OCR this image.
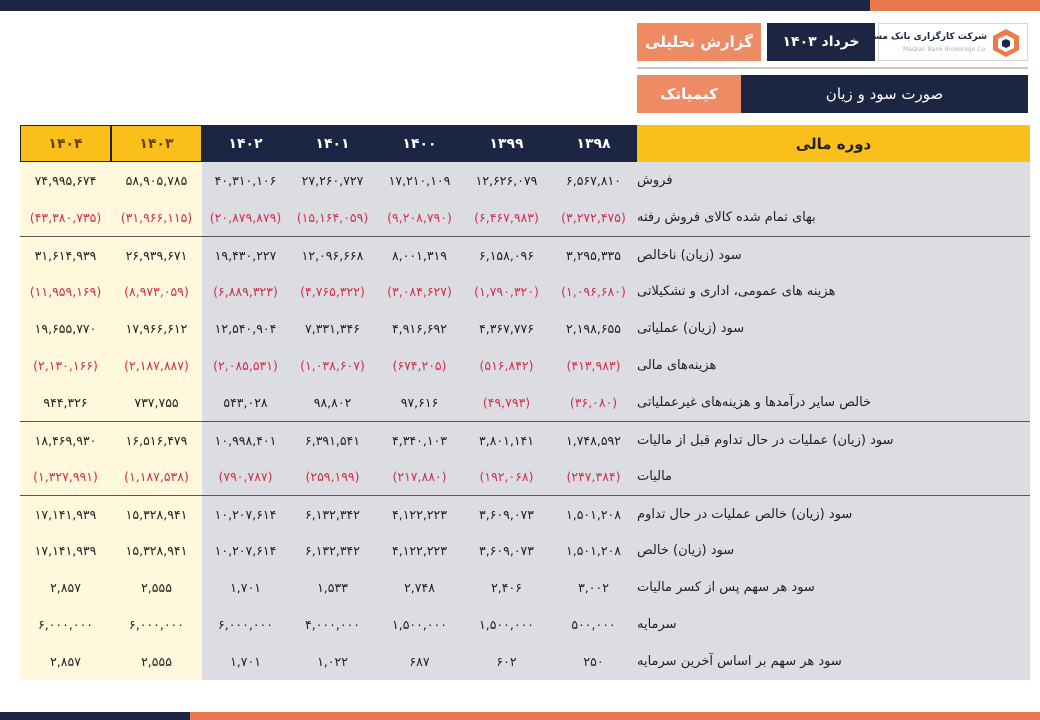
گزارش تحلیلی خرداد ۱۴۰۳ شرکت کارگزاری بانک مسکن
Maskan Bank Brokerage Co.
کیمیاتک	صورت سود و زیان
۱۴۰۴	۱۴۰۳	۱۴۰۲	۱۴۰۱	۱۴۰۰	۱۳۹۹	۱۳۹۸	دوره مالی
۷۴,۹۹۵,۶۷۴	۵۸,۹۰۵,۷۸۵	۴۰,۳۱۰,۱۰۶	۲۷,۲۶۰,۷۲۷	۱۷,۲۱۰,۱۰۹	۱۲,۶۲۶,۰۷۹	۶,۵۶۷,۸۱۰	فروش
(۴۳,۳۸۰,۷۳۵)	(۳۱,۹۶۶,۱۱۵)	(۲۰,۸۷۹,۸۷۹)	(۱۵,۱۶۴,۰۵۹)	(۹,۲۰۸,۷۹۰)	(۶,۴۶۷,۹۸۳)	(۳,۲۷۲,۴۷۵) بهای تمام شده کالای فروش رفته
۳۱,۶۱۴,۹۳۹	۲۶,۹۳۹,۶۷۱	۱۹,۴۳۰,۲۲۷	۱۲,۰۹۶,۶۶۸	۸,۰۰۱,۳۱۹	۶,۱۵۸,۰۹۶	۳,۲۹۵,۳۳۵	سود (زیان) ناخالص
(۱۱,۹۵۹,۱۶۹)	(۸,۹۷۳,۰۵۹)	(۶,۸۸۹,۳۲۳)	(۴,۷۶۵,۳۲۲)	(۳,۰۸۴,۶۲۷)	(۱,۷۹۰,۳۲۰)	(۱,۰۹۶,۶۸۰) هزینه های عمومی، اداری و تشکیلاتی
۱۹,۶۵۵,۷۷۰	۱۷,۹۶۶,۶۱۲	۱۲,۵۴۰,۹۰۴	۷,۳۳۱,۳۴۶	۴,۹۱۶,۶۹۲	۴,۳۶۷,۷۷۶	۲,۱۹۸,۶۵۵	سود (زیان) عملیاتی
(۲,۱۳۰,۱۶۶)	(۲,۱۸۷,۸۸۷)	(۲,۰۸۵,۵۳۱)	(۱,۰۳۸,۶۰۷)	(۶۷۴,۲۰۵)	(۵۱۶,۸۴۲)	(۴۱۳,۹۸۳)	هزینه‌های مالی
۹۴۴,۳۲۶	۷۳۷,۷۵۵	۵۴۳,۰۲۸	۹۸,۸۰۲	۹۷,۶۱۶	(۴۹,۷۹۳)	(۳۶,۰۸۰)	خالص سایر درآمدها و هزینه‌های غیرعملیاتی
۱۸,۴۶۹,۹۳۰	۱۶,۵۱۶,۴۷۹	۱۰,۹۹۸,۴۰۱	۶,۳۹۱,۵۴۱	۴,۳۴۰,۱۰۳	۳,۸۰۱,۱۴۱	۱,۷۴۸,۵۹۲	سود (زیان) عملیات در حال تداوم قبل از مالیات
(۱,۳۲۷,۹۹۱)	(۱,۱۸۷,۵۳۸)	(۷۹۰,۷۸۷)	(۲۵۹,۱۹۹)	(۲۱۷,۸۸۰)	(۱۹۲,۰۶۸)	(۲۴۷,۳۸۴)	مالیات
۱۷,۱۴۱,۹۳۹	۱۵,۳۲۸,۹۴۱	۱۰,۲۰۷,۶۱۴	۶,۱۳۲,۳۴۲	۴,۱۲۲,۲۲۳	۳,۶۰۹,۰۷۳	۱,۵۰۱,۲۰۸	سود (زیان) خالص عملیات در حال تداوم
۱۷,۱۴۱,۹۳۹	۱۵,۳۲۸,۹۴۱	۱۰,۲۰۷,۶۱۴	۶,۱۳۲,۳۴۲	۴,۱۲۲,۲۲۳	۳,۶۰۹,۰۷۳	۱,۵۰۱,۲۰۸	سود (زیان) خالص
۲,۸۵۷	۲,۵۵۵	۱,۷۰۱	۱,۵۳۳	۲,۷۴۸	۲,۴۰۶	۳,۰۰۲	سود هر سهم پس از کسر مالیات
۶,۰۰۰,۰۰۰	۶,۰۰۰,۰۰۰	۶,۰۰۰,۰۰۰	۴,۰۰۰,۰۰۰	۱,۵۰۰,۰۰۰	۱,۵۰۰,۰۰۰	۵۰۰,۰۰۰	سرمایه
۲,۸۵۷	۲,۵۵۵	۱,۷۰۱	۱,۰۲۲	۶۸۷	۶۰۲	۲۵۰	سود هر سهم بر اساس آخرین سرمایه
